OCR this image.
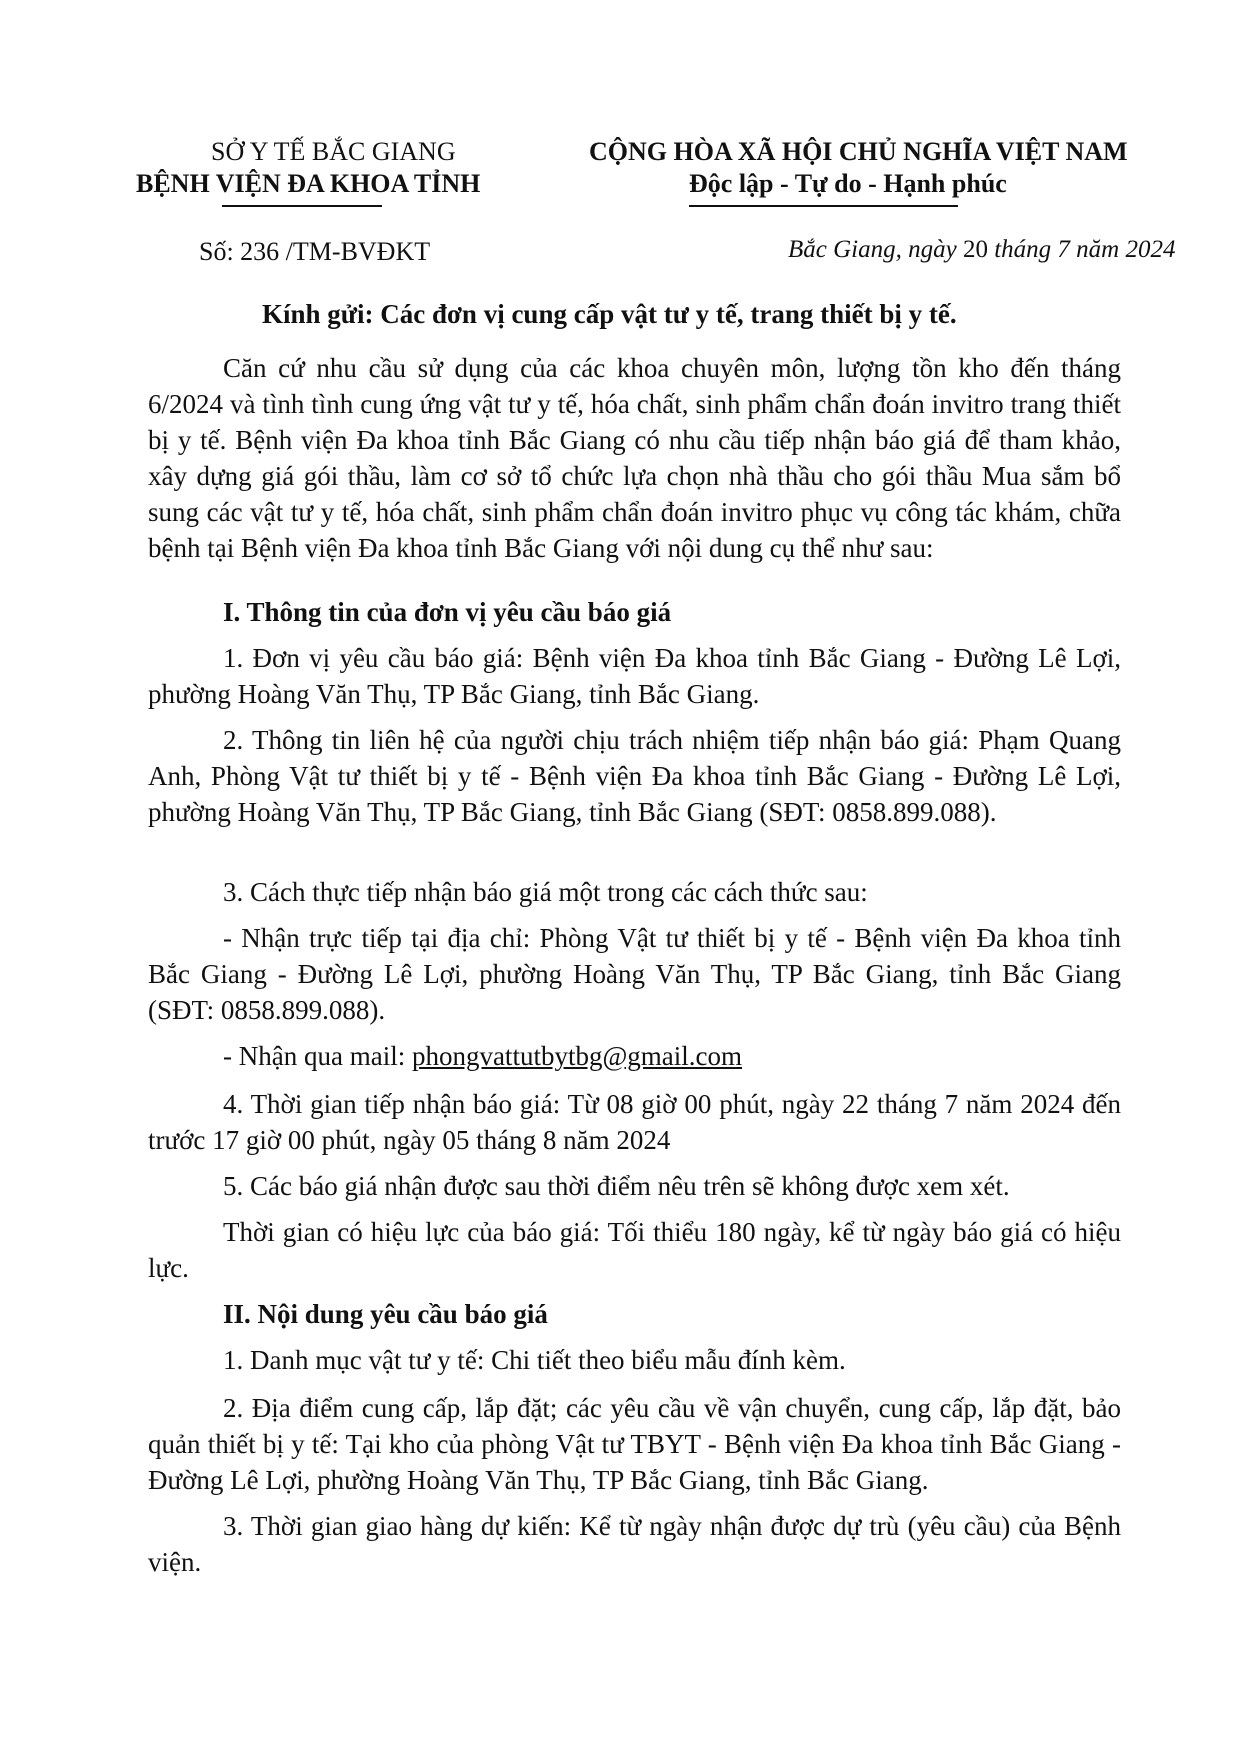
SỞ Y TẾ BẮC GIANG
BỆNH VIỆN ĐA KHOA TỈNH
CỘNG HÒA XÃ HỘI CHỦ NGHĨA VIỆT NAM
Độc lập - Tự do - Hạnh phúc
Số: 236 /TM-BVĐKT	Bắc Giang, ngày 20 tháng 7 năm 2024
Kính gửi: Các đơn vị cung cấp vật tư y tế, trang thiết bị y tế.
Căn cứ nhu cầu sử dụng của các khoa chuyên môn, lượng tồn kho đến tháng 6/2024 và tình tình cung ứng vật tư y tế, hóa chất, sinh phẩm chẩn đoán invitro trang thiết bị y tế. Bệnh viện Đa khoa tỉnh Bắc Giang có nhu cầu tiếp nhận báo giá để tham khảo, xây dựng giá gói thầu, làm cơ sở tổ chức lựa chọn nhà thầu cho gói thầu Mua sắm bổ sung các vật tư y tế, hóa chất, sinh phẩm chẩn đoán invitro phục vụ công tác khám, chữa bệnh tại Bệnh viện Đa khoa tỉnh Bắc Giang với nội dung cụ thể như sau:
I. Thông tin của đơn vị yêu cầu báo giá
1. Đơn vị yêu cầu báo giá: Bệnh viện Đa khoa tỉnh Bắc Giang - Đường Lê Lợi, phường Hoàng Văn Thụ, TP Bắc Giang, tỉnh Bắc Giang.
2. Thông tin liên hệ của người chịu trách nhiệm tiếp nhận báo giá: Phạm Quang Anh, Phòng Vật tư thiết bị y tế - Bệnh viện Đa khoa tỉnh Bắc Giang - Đường Lê Lợi, phường Hoàng Văn Thụ, TP Bắc Giang, tỉnh Bắc Giang (SĐT: 0858.899.088).
3. Cách thực tiếp nhận báo giá một trong các cách thức sau:
- Nhận trực tiếp tại địa chỉ: Phòng Vật tư thiết bị y tế - Bệnh viện Đa khoa tỉnh Bắc Giang - Đường Lê Lợi, phường Hoàng Văn Thụ, TP Bắc Giang, tỉnh Bắc Giang (SĐT: 0858.899.088).
- Nhận qua mail: phongvattutbytbg@gmail.com
4. Thời gian tiếp nhận báo giá: Từ 08 giờ 00 phút, ngày 22 tháng 7 năm 2024 đến trước 17 giờ 00 phút, ngày 05 tháng 8 năm 2024
5. Các báo giá nhận được sau thời điểm nêu trên sẽ không được xem xét.
Thời gian có hiệu lực của báo giá: Tối thiểu 180 ngày, kể từ ngày báo giá có hiệu lực.
II. Nội dung yêu cầu báo giá
1. Danh mục vật tư y tế: Chi tiết theo biểu mẫu đính kèm.
2. Địa điểm cung cấp, lắp đặt; các yêu cầu về vận chuyển, cung cấp, lắp đặt, bảo quản thiết bị y tế: Tại kho của phòng Vật tư TBYT - Bệnh viện Đa khoa tỉnh Bắc Giang - Đường Lê Lợi, phường Hoàng Văn Thụ, TP Bắc Giang, tỉnh Bắc Giang.
3. Thời gian giao hàng dự kiến: Kể từ ngày nhận được dự trù (yêu cầu) của Bệnh viện.
